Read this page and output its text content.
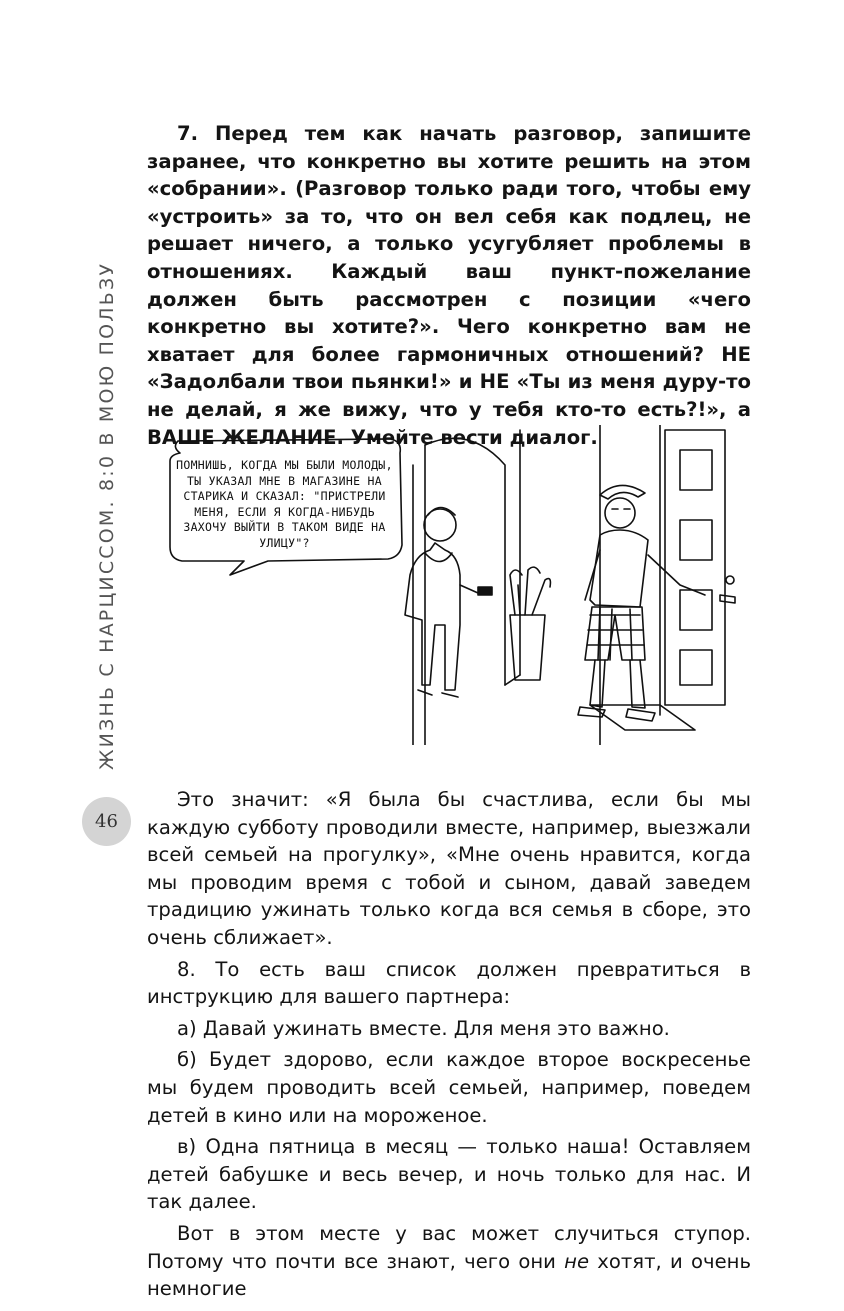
ЖИЗНЬ С НАРЦИССОМ. 8:0 В МОЮ ПОЛЬЗУ
46

7. Перед тем как начать разговор, запишите заранее, что конкретно вы хотите решить на этом «собрании». (Разговор только ради того, чтобы ему «устроить» за то, что он вел себя как подлец, не решает ничего, а только усугубляет проблемы в отношениях. Каждый ваш пункт-пожелание должен быть рассмотрен с позиции «чего конкретно вы хотите?». Чего конкретно вам не хватает для более гармоничных отношений? НЕ «Задолбали твои пьянки!» и НЕ «Ты из меня дуру-то не делай, я же вижу, что у тебя кто-то есть?!», а ВАШЕ ЖЕЛАНИЕ. Умейте вести диалог.

ПОМНИШЬ, КОГДА МЫ БЫЛИ МОЛОДЫ, ТЫ УКАЗАЛ МНЕ В МАГАЗИНЕ НА СТАРИКА И СКАЗАЛ: "ПРИСТРЕЛИ МЕНЯ, ЕСЛИ Я КОГДА-НИБУДЬ ЗАХОЧУ ВЫЙТИ В ТАКОМ ВИДЕ НА УЛИЦУ"?

Это значит: «Я была бы счастлива, если бы мы каждую субботу проводили вместе, например, выезжали всей семьей на прогулку», «Мне очень нравится, когда мы проводим время с тобой и сыном, давай заведем традицию ужинать только когда вся семья в сборе, это очень сближает».

8. То есть ваш список должен превратиться в инструкцию для вашего партнера:

а) Давай ужинать вместе. Для меня это важно.

б) Будет здорово, если каждое второе воскресенье мы будем проводить всей семьей, например, поведем детей в кино или на мороженое.

в) Одна пятница в месяц — только наша! Оставляем детей бабушке и весь вечер, и ночь только для нас. И так далее.

Вот в этом месте у вас может случиться ступор. Потому что почти все знают, чего они не хотят, и очень немногие
